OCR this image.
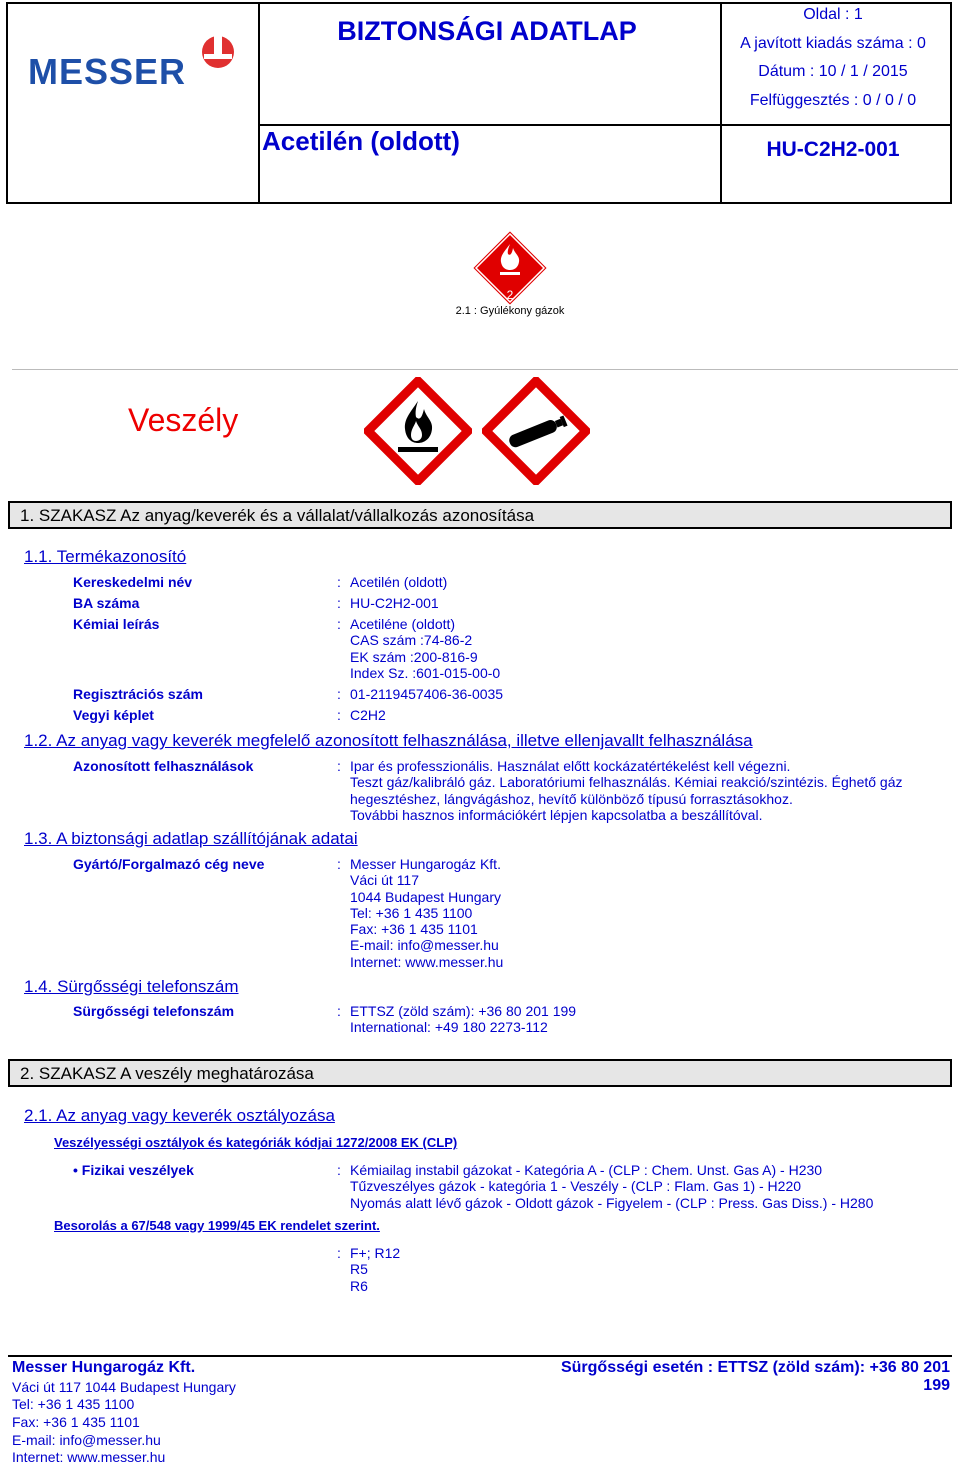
MESSER
BIZTONSÁGI ADATLAP
Acetilén (oldott)
Oldal : 1
A javított kiadás száma : 0
Dátum : 10 / 1 / 2015
Felfüggesztés : 0 / 0 / 0
HU-C2H2-001
2
2.1 : Gyúlékony gázok
Veszély
1. SZAKASZ Az anyag/keverék és a vállalat/vállalkozás azonosítása
1.1. Termékazonosító
Kereskedelmi név	: Acetilén (oldott)
BA száma	: HU-C2H2-001
Kémiai leírás	: Acetiléne (oldott)
CAS szám :74-86-2
EK szám :200-816-9
Index Sz. :601-015-00-0
Regisztrációs szám	: 01-2119457406-36-0035
Vegyi képlet	: C2H2
1.2. Az anyag vagy keverék megfelelő azonosított felhasználása, illetve ellenjavallt felhasználása
Azonosított felhasználások	: Ipar és professzionális. Használat előtt kockázatértékelést kell végezni.
Teszt gáz/kalibráló gáz. Laboratóriumi felhasználás. Kémiai reakció/szintézis. Éghető gáz
hegesztéshez, lángvágáshoz, hevítő különböző típusú forrasztásokhoz.
További hasznos információkért lépjen kapcsolatba a beszállítóval.
1.3. A biztonsági adatlap szállítójának adatai
Gyártó/Forgalmazó cég neve	: Messer Hungarogáz Kft.
Váci út 117
1044 Budapest Hungary
Tel: +36 1 435 1100
Fax: +36 1 435 1101
E-mail: info@messer.hu
Internet: www.messer.hu
1.4. Sürgősségi telefonszám
Sürgősségi telefonszám	: ETTSZ (zöld szám): +36 80 201 199
International: +49 180 2273-112
2. SZAKASZ A veszély meghatározása
2.1. Az anyag vagy keverék osztályozása
Veszélyességi osztályok és kategóriák kódjai 1272/2008 EK (CLP)
• Fizikai veszélyek	: Kémiailag instabil gázokat - Kategória A - (CLP : Chem. Unst. Gas A) - H230
Tűzveszélyes gázok - kategória 1 - Veszély - (CLP : Flam. Gas 1) - H220
Nyomás alatt lévő gázok - Oldott gázok - Figyelem - (CLP : Press. Gas Diss.) - H280
Besorolás a 67/548 vagy 1999/45 EK rendelet szerint.
: F+; R12
R5
R6
Messer Hungarogáz Kft.	Sürgősségi esetén : ETTSZ (zöld szám): +36 80 201 199
Váci út 117 1044 Budapest Hungary
Tel: +36 1 435 1100
Fax: +36 1 435 1101
E-mail: info@messer.hu
Internet: www.messer.hu
